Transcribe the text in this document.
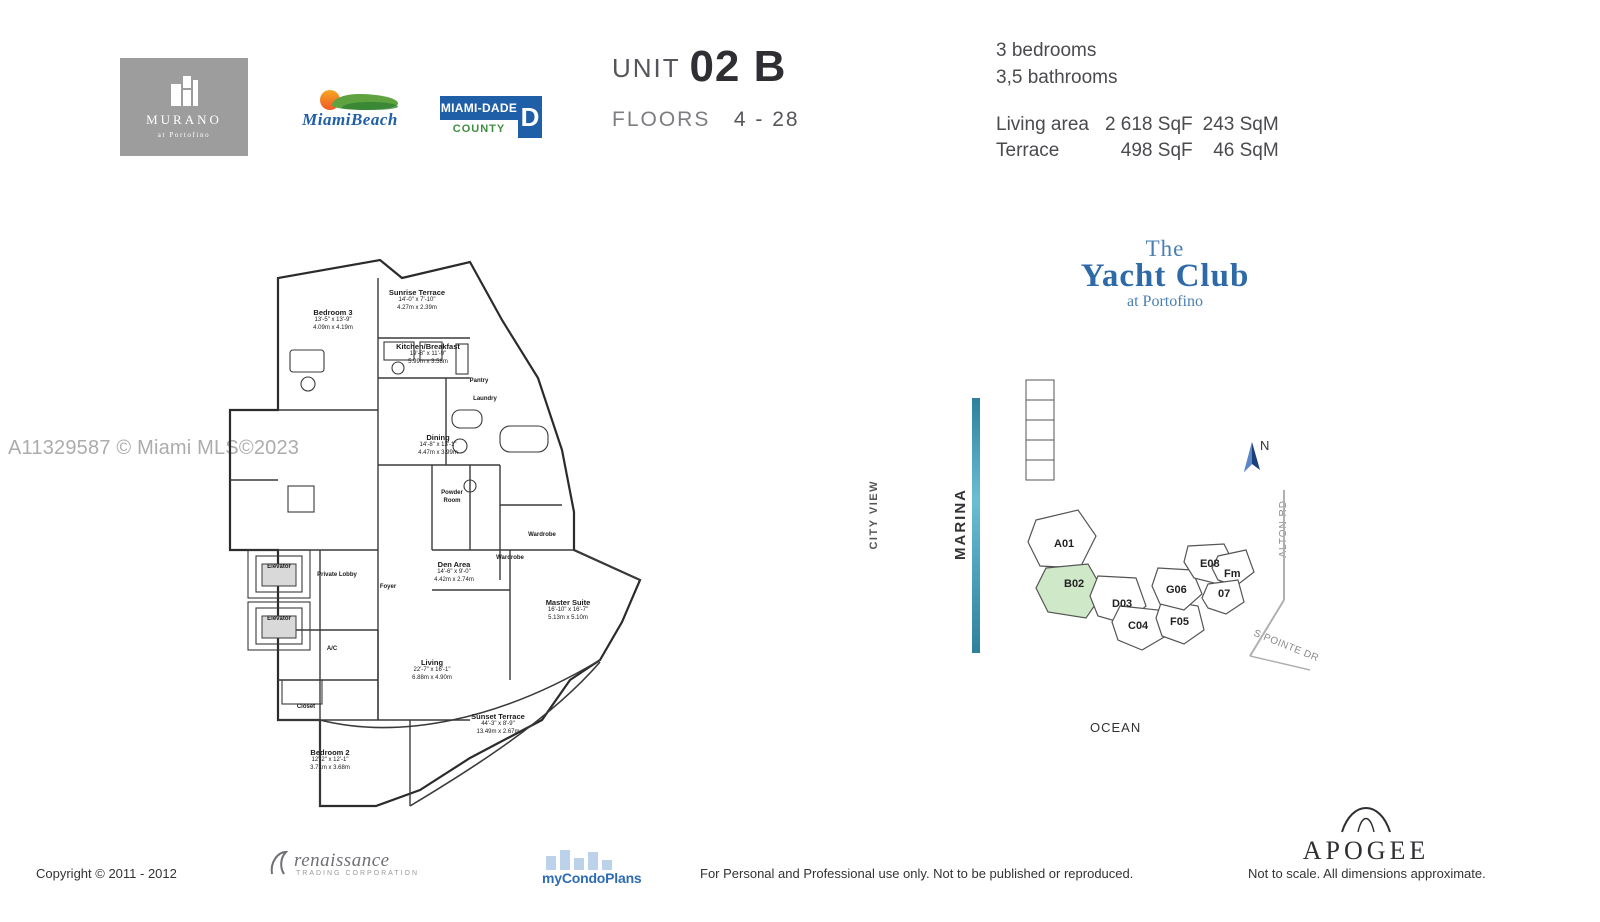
MURANO
at Portofino
MiamiBeach
MIAMI-DADE
COUNTY D
UNIT 02 B
FLOORS 4 - 28
3 bedrooms
3,5 bathrooms
Living area	2 618 SqF	243 SqM
Terrace	498 SqF	46 SqM
The
Yacht Club
at Portofino
A11329587 © Miami MLS©2023
Bedroom 3
13'-5" x 13'-9"
4.09m x 4.19m
Sunrise Terrace
14'-0" x 7'-10"
4.27m x 2.39m
Kitchen/Breakfast
19'-8" x 11'-9"
5.99m x 3.58m
Pantry
Laundry
Dining
14'-8" x 13'-1"
4.47m x 3.99m
Powder Room
Wardrobe
Wardrobe
Den Area
14'-6" x 9'-0"
4.42m x 2.74m
Master Suite
16'-10" x 16'-7"
5.13m x 5.10m
Private Lobby
Foyer
Elevator
Elevator
A/C
Living
22'-7" x 16'-1"
6.88m x 4.90m
Closet
Sunset Terrace
44'-3" x 8'-9"
13.49m x 2.67m
Bedroom 2
12'-2" x 12'-1"
3.71m x 3.68m
MARINA
CITY VIEW
OCEAN
ALTON RD
S POINTE DR
N
A01
B02
D03
C04 F05
G06
E08
Fm
07
APOGEE
Copyright © 2011 - 2012
renaissance
TRADING CORPORATION	myCondoPlans	For Personal and Professional use only. Not to be published or reproduced.	Not to scale. All dimensions approximate.
